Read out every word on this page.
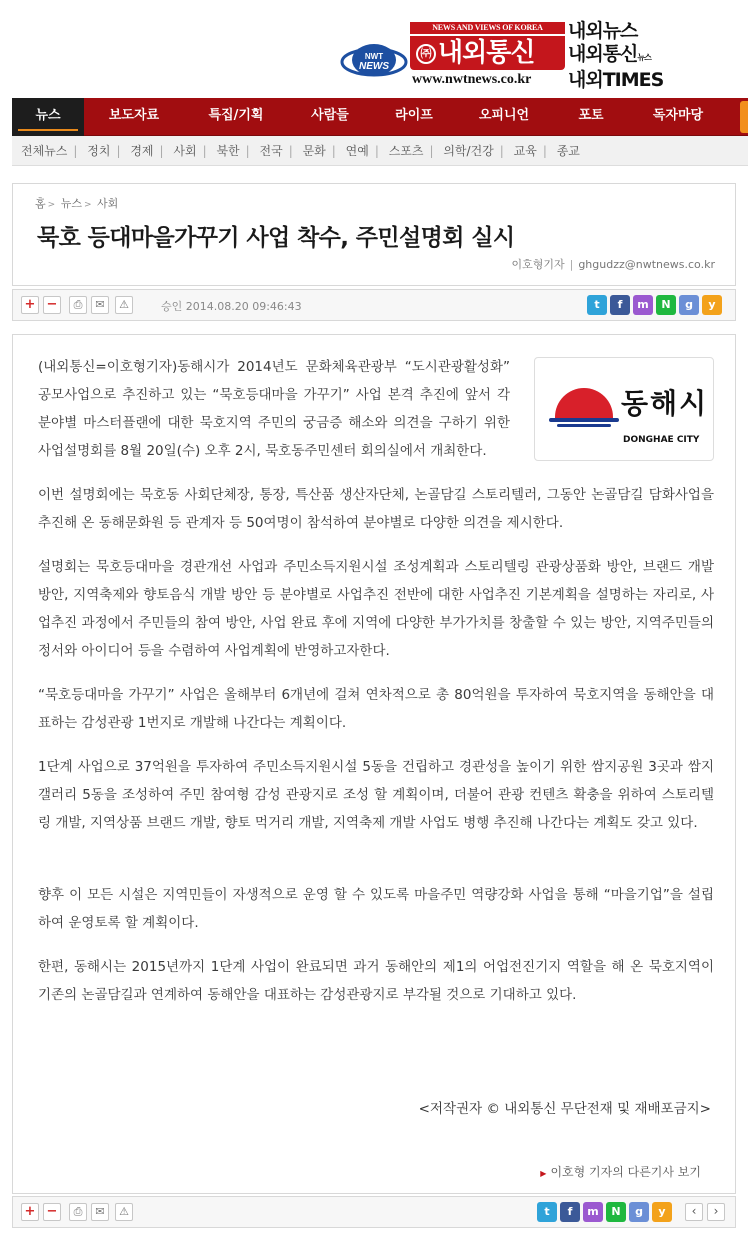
NWT
NEWS
NEWS AND VIEWS OF KOREA
㈜ 내외통신
www.nwtnews.co.kr
내외뉴스
내외통신뉴스
내외TIMES
뉴스	보도자료	특집/기획	사람들	라이프	오피니언	포토	독자마당
전체뉴스 | 정치 | 경제 | 사회 | 북한 | 전국 | 문화 | 연예 | 스포츠 | 의학/건강 | 교육 | 종교
홈 > 뉴스 > 사회
묵호 등대마을가꾸기 사업 착수, 주민설명회 실시
이호형기자 | ghgudzz@nwtnews.co.kr
+ −	⎙	✉	⚠	승인 2014.08.20 09:46:43	t	f	m	N	g	y
동해시
DONGHAE CITY

(내외통신=이호형기자)동해시가 2014년도 문화체육관광부 “도시관광활성화” 공모사업으로 추진하고 있는 “묵호등대마을 가꾸기” 사업 본격 추진에 앞서 각 분야별 마스터플랜에 대한 묵호지역 주민의 궁금증 해소와 의견을 구하기 위한 사업설명회를 8월 20일(수) 오후 2시, 묵호동주민센터 회의실에서 개최한다.

이번 설명회에는 묵호동 사회단체장, 통장, 특산품 생산자단체, 논골담길 스토리텔러, 그동안 논골담길 담화사업을 추진해 온 동해문화원 등 관계자 등 50여명이 참석하여 분야별로 다양한 의견을 제시한다.

설명회는 묵호등대마을 경관개선 사업과 주민소득지원시설 조성계획과 스토리텔링 관광상품화 방안, 브랜드 개발 방안, 지역축제와 향토음식 개발 방안 등 분야별로 사업추진 전반에 대한 사업추진 기본계획을 설명하는 자리로, 사업추진 과정에서 주민들의 참여 방안, 사업 완료 후에 지역에 다양한 부가가치를 창출할 수 있는 방안, 지역주민들의 정서와 아이디어 등을 수렴하여 사업계획에 반영하고자한다.

“묵호등대마을 가꾸기” 사업은 올해부터 6개년에 걸쳐 연차적으로 총 80억원을 투자하여 묵호지역을 동해안을 대표하는 감성관광 1번지로 개발해 나간다는 계획이다.

1단계 사업으로 37억원을 투자하여 주민소득지원시설 5동을 건립하고 경관성을 높이기 위한 쌈지공원 3곳과 쌈지 갤러리 5동을 조성하여 주민 참여형 감성 관광지로 조성 할 계획이며, 더불어 관광 컨텐츠 확충을 위하여 스토리텔링 개발, 지역상품 브랜드 개발, 향토 먹거리 개발, 지역축제 개발 사업도 병행 추진해 나간다는 계획도 갖고 있다.

향후 이 모든 시설은 지역민들이 자생적으로 운영 할 수 있도록 마을주민 역량강화 사업을 통해 “마을기업”을 설립하여 운영토록 할 계획이다.

한편, 동해시는 2015년까지 1단계 사업이 완료되면 과거 동해안의 제1의 어업전진기지 역할을 해 온 묵호지역이 기존의 논골담길과 연계하여 동해안을 대표하는 감성관광지로 부각될 것으로 기대하고 있다.

<저작권자 © 내외통신 무단전재 및 재배포금지>
▶ 이호형 기자의 다른기사 보기
+ −	⎙	✉	⚠	t	f	m	N	g	y	‹	›
